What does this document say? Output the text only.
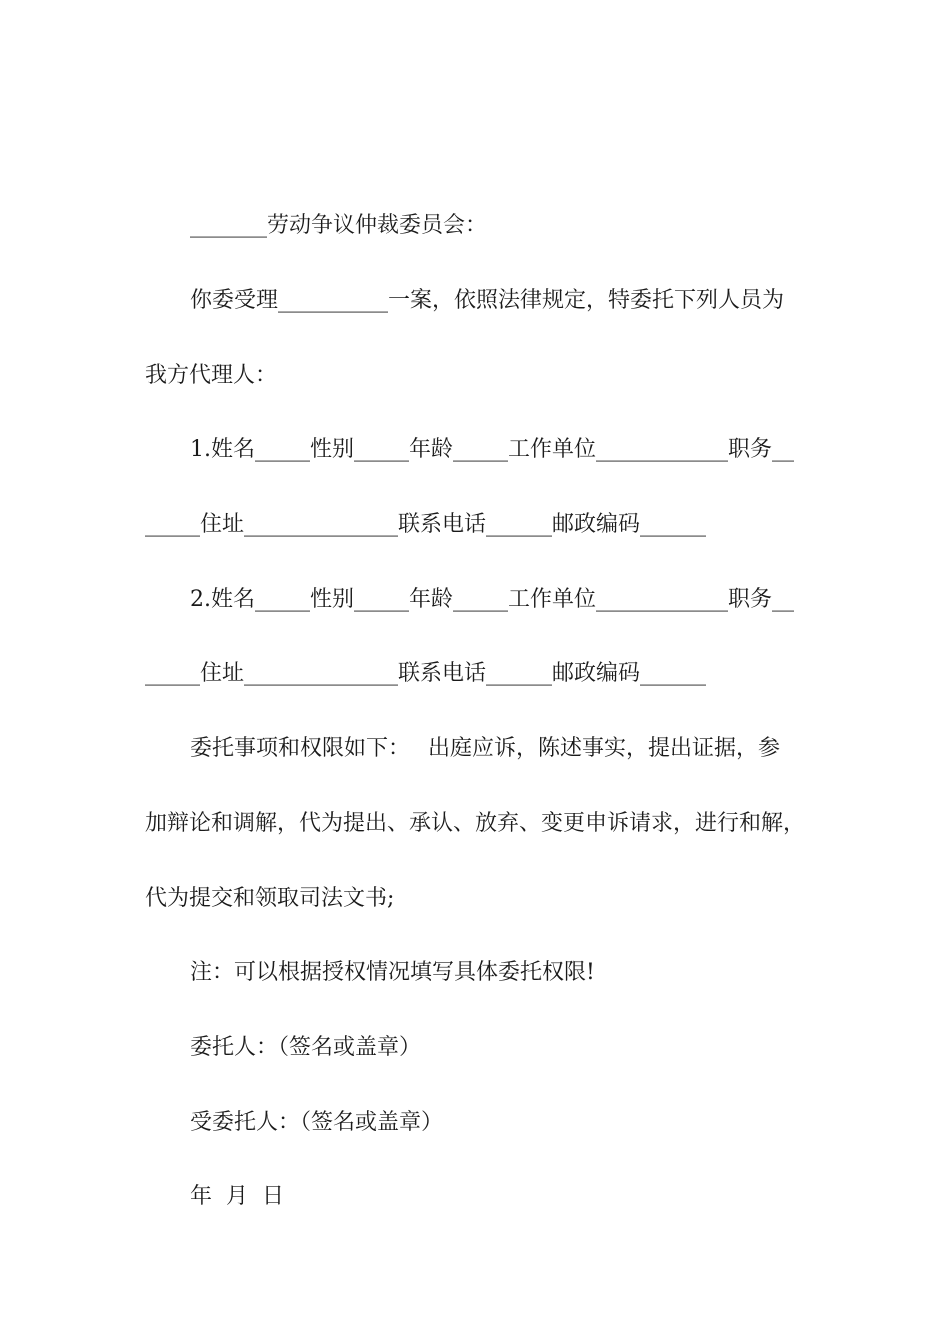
_______劳动争议仲裁委员会：
你委受理__________一案，依照法律规定，特委托下列人员为
我方代理人：
1.姓名_____性别_____年龄_____工作单位____________职务__
_____住址______________联系电话______邮政编码______
2.姓名_____性别_____年龄_____工作单位____________职务__
_____住址______________联系电话______邮政编码______
委托事项和权限如下：　 出庭应诉，陈述事实，提出证据，参
加辩论和调解，代为提出、承认、放弃、变更申诉请求，进行和解，
代为提交和领取司法文书;
注：可以根据授权情况填写具体委托权限!
委托人：（签名或盖章）
受委托人：（签名或盖章）
年  月  日
